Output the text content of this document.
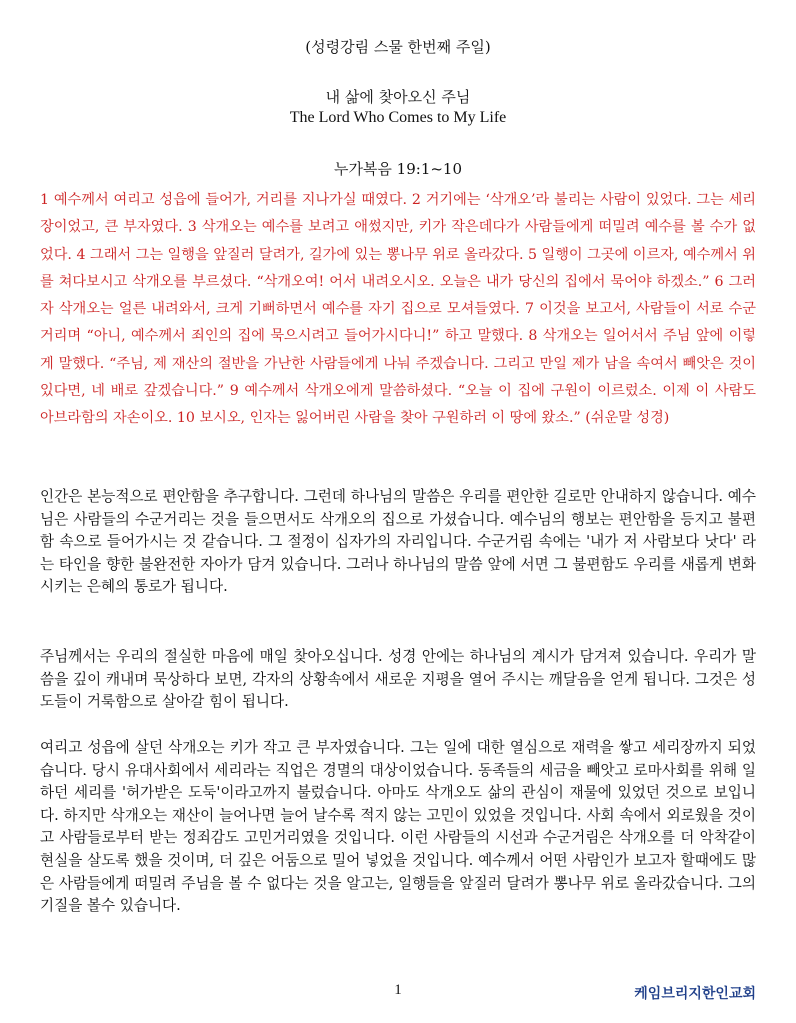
(성령강림 스물 한번째 주일)

내 삶에 찾아오신 주님
The Lord Who Comes to My Life

누가복음 19:1~10

1 예수께서 여리고 성읍에 들어가, 거리를 지나가실 때였다. 2 거기에는 ‘삭개오’라 불리는 사람이 있었다. 그는 세리장이었고, 큰 부자였다. 3 삭개오는 예수를 보려고 애썼지만, 키가 작은데다가 사람들에게 떠밀려 예수를 볼 수가 없었다. 4 그래서 그는 일행을 앞질러 달려가, 길가에 있는 뽕나무 위로 올라갔다. 5 일행이 그곳에 이르자, 예수께서 위를 쳐다보시고 삭개오를 부르셨다. “삭개오여! 어서 내려오시오. 오늘은 내가 당신의 집에서 묵어야 하겠소.” 6 그러자 삭개오는 얼른 내려와서, 크게 기뻐하면서 예수를 자기 집으로 모셔들였다. 7 이것을 보고서, 사람들이 서로 수군거리며 “아니, 예수께서 죄인의 집에 묵으시려고 들어가시다니!” 하고 말했다. 8 삭개오는 일어서서 주님 앞에 이렇게 말했다. “주님, 제 재산의 절반을 가난한 사람들에게 나눠 주겠습니다. 그리고 만일 제가 남을 속여서 빼앗은 것이 있다면, 네 배로 갚겠습니다.” 9 예수께서 삭개오에게 말씀하셨다. “오늘 이 집에 구원이 이르렀소. 이제 이 사람도 아브라함의 자손이오. 10 보시오, 인자는 잃어버린 사람을 찾아 구원하러 이 땅에 왔소.” (쉬운말 성경)

인간은 본능적으로 편안함을 추구합니다. 그런데 하나님의 말씀은 우리를 편안한 길로만 안내하지 않습니다. 예수님은 사람들의 수군거리는 것을 들으면서도 삭개오의 집으로 가셨습니다. 예수님의 행보는 편안함을 등지고 불편함 속으로 들어가시는 것 같습니다. 그 절정이 십자가의 자리입니다. 수군거림 속에는 '내가 저 사람보다 낫다' 라는 타인을 향한 불완전한 자아가 담겨 있습니다. 그러나 하나님의 말씀 앞에 서면 그 불편함도 우리를 새롭게 변화시키는 은혜의 통로가 됩니다.

주님께서는 우리의 절실한 마음에 매일 찾아오십니다. 성경 안에는 하나님의 계시가 담겨져 있습니다. 우리가 말씀을 깊이 캐내며 묵상하다 보면, 각자의 상황속에서 새로운 지평을 열어 주시는 깨달음을 얻게 됩니다. 그것은 성도들이 거룩함으로 살아갈 힘이 됩니다.

여리고 성읍에 살던 삭개오는 키가 작고 큰 부자였습니다. 그는 일에 대한 열심으로 재력을 쌓고 세리장까지 되었습니다. 당시 유대사회에서 세리라는 직업은 경멸의 대상이었습니다. 동족들의 세금을 빼앗고 로마사회를 위해 일하던 세리를 '허가받은 도둑'이라고까지 불렀습니다. 아마도 삭개오도 삶의 관심이 재물에 있었던 것으로 보입니다. 하지만 삭개오는 재산이 늘어나면 늘어 날수록 적지 않는 고민이 있었을 것입니다. 사회 속에서 외로웠을 것이고 사람들로부터 받는 정죄감도 고민거리였을 것입니다. 이런 사람들의 시선과 수군거림은 삭개오를 더 악착같이 현실을 살도록 했을 것이며, 더 깊은 어둠으로 밀어 넣었을 것입니다. 예수께서 어떤 사람인가 보고자 할때에도 많은 사람들에게 떠밀려 주님을 볼 수 없다는 것을 알고는, 일행들을 앞질러 달려가 뽕나무 위로 올라갔습니다. 그의 기질을 볼수 있습니다.

1	케임브리지한인교회
